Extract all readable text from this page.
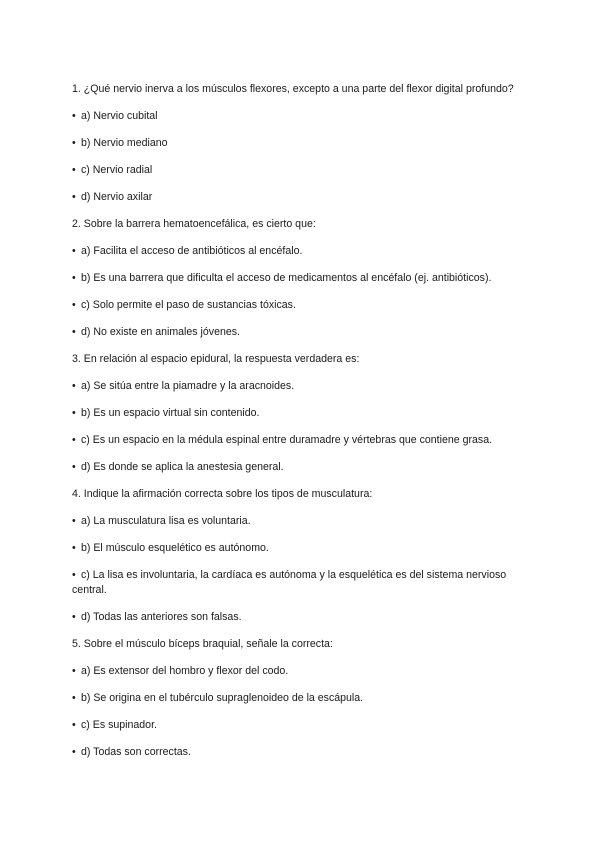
1. ¿Qué nervio inerva a los músculos flexores, excepto a una parte del flexor digital profundo?
• a) Nervio cubital
• b) Nervio mediano
• c) Nervio radial
• d) Nervio axilar
2. Sobre la barrera hematoencefálica, es cierto que:
• a) Facilita el acceso de antibióticos al encéfalo.
• b) Es una barrera que dificulta el acceso de medicamentos al encéfalo (ej. antibióticos).
• c) Solo permite el paso de sustancias tóxicas.
• d) No existe en animales jóvenes.
3. En relación al espacio epidural, la respuesta verdadera es:
• a) Se sitúa entre la piamadre y la aracnoides.
• b) Es un espacio virtual sin contenido.
• c) Es un espacio en la médula espinal entre duramadre y vértebras que contiene grasa.
• d) Es donde se aplica la anestesia general.
4. Indique la afirmación correcta sobre los tipos de musculatura:
• a) La musculatura lisa es voluntaria.
• b) El músculo esquelético es autónomo.
• c) La lisa es involuntaria, la cardíaca es autónoma y la esquelética es del sistema nervioso central.
• d) Todas las anteriores son falsas.
5. Sobre el músculo bíceps braquial, señale la correcta:
• a) Es extensor del hombro y flexor del codo.
• b) Se origina en el tubérculo supraglenoideo de la escápula.
• c) Es supinador.
• d) Todas son correctas.
